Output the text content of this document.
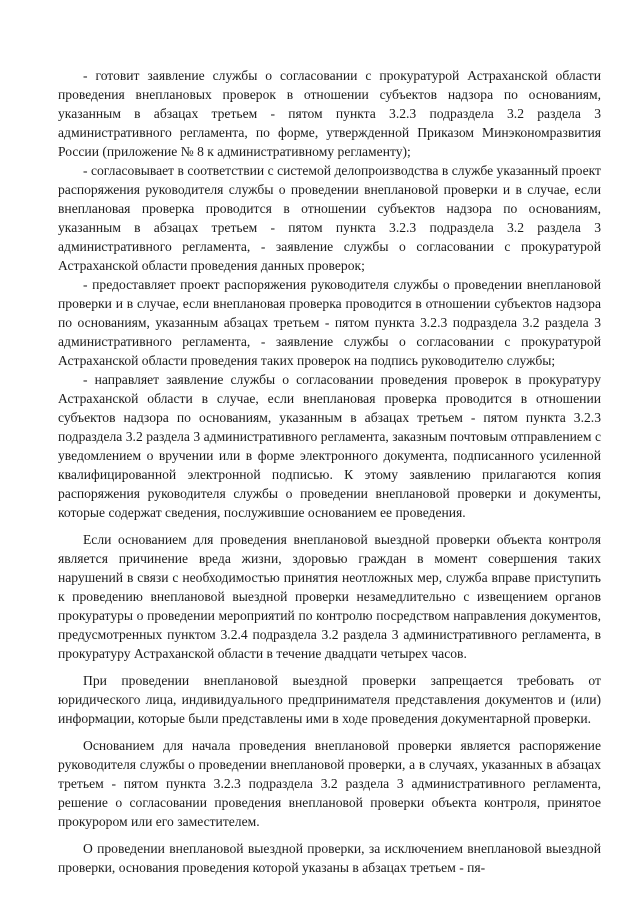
- готовит заявление службы о согласовании с прокуратурой Астраханской области проведения внеплановых проверок в отношении субъектов надзора по основаниям, указанным в абзацах третьем - пятом пункта 3.2.3 подраздела 3.2 раздела 3 административного регламента, по форме, утвержденной Приказом Минэкономразвития России (приложение № 8 к административному регламенту);

- согласовывает в соответствии с системой делопроизводства в службе указанный проект распоряжения руководителя службы о проведении внеплановой проверки и в случае, если внеплановая проверка проводится в отношении субъектов надзора по основаниям, указанным в абзацах третьем - пятом пункта 3.2.3 подраздела 3.2 раздела 3 административного регламента, - заявление службы о согласовании с прокуратурой Астраханской области проведения данных проверок;

- предоставляет проект распоряжения руководителя службы о проведении внеплановой проверки и в случае, если внеплановая проверка проводится в отношении субъектов надзора по основаниям, указанным абзацах третьем - пятом пункта 3.2.3 подраздела 3.2 раздела 3 административного регламента, - заявление службы о согласовании с прокуратурой Астраханской области проведения таких проверок на подпись руководителю службы;

- направляет заявление службы о согласовании проведения проверок в прокуратуру Астраханской области в случае, если внеплановая проверка проводится в отношении субъектов надзора по основаниям, указанным в абзацах третьем - пятом пункта 3.2.3 подраздела 3.2 раздела 3 административного регламента, заказным почтовым отправлением с уведомлением о вручении или в форме электронного документа, подписанного усиленной квалифицированной электронной подписью. К этому заявлению прилагаются копия распоряжения руководителя службы о проведении внеплановой проверки и документы, которые содержат сведения, послужившие основанием ее проведения.

Если основанием для проведения внеплановой выездной проверки объекта контроля является причинение вреда жизни, здоровью граждан в момент совершения таких нарушений в связи с необходимостью принятия неотложных мер, служба вправе приступить к проведению внеплановой выездной проверки незамедлительно с извещением органов прокуратуры о проведении мероприятий по контролю посредством направления документов, предусмотренных пунктом 3.2.4 подраздела 3.2 раздела 3 административного регламента, в прокуратуру Астраханской области в течение двадцати четырех часов.

При проведении внеплановой выездной проверки запрещается требовать от юридического лица, индивидуального предпринимателя представления документов и (или) информации, которые были представлены ими в ходе проведения документарной проверки.

Основанием для начала проведения внеплановой проверки является распоряжение руководителя службы о проведении внеплановой проверки, а в случаях, указанных в абзацах третьем - пятом пункта 3.2.3 подраздела 3.2 раздела 3 административного регламента, решение о согласовании проведения внеплановой проверки объекта контроля, принятое прокурором или его заместителем.

О проведении внеплановой выездной проверки, за исключением внеплановой выездной проверки, основания проведения которой указаны в абзацах третьем - пя-
